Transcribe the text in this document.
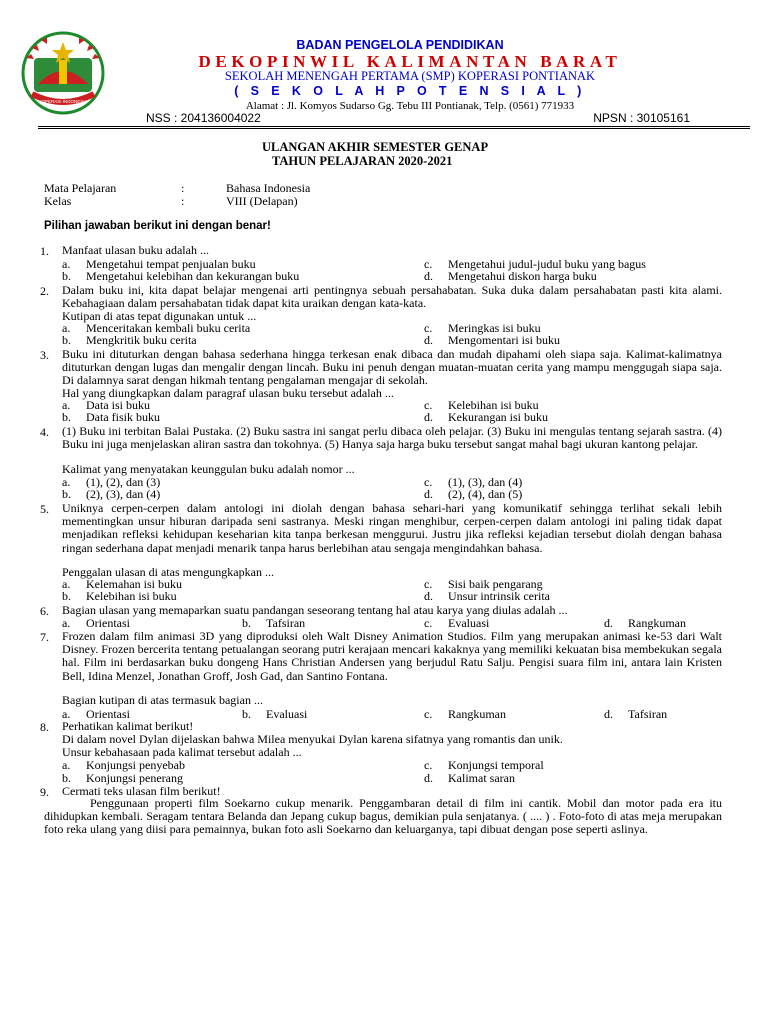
KOPERASI INDONESIA
BADAN PENGELOLA PENDIDIKAN
DEKOPINWIL KALIMANTAN BARAT
SEKOLAH MENENGAH PERTAMA (SMP) KOPERASI PONTIANAK
( S E K O L A H P O T E N S I A L )
Alamat : Jl. Komyos Sudarso Gg. Tebu III Pontianak, Telp. (0561) 771933
NSS : 204136004022	NPSN : 30105161
ULANGAN AKHIR SEMESTER GENAP
TAHUN PELAJARAN 2020-2021
Mata Pelajaran	:	Bahasa Indonesia
Kelas	:	VIII (Delapan)
Pilihan jawaban berikut ini dengan benar!
1. Manfaat ulasan buku adalah ...
a. Mengetahui tempat penjualan buku	c. Mengetahui judul-judul buku yang bagus
b. Mengetahui kelebihan dan kekurangan buku	d. Mengetahui diskon harga buku
2. Dalam buku ini, kita dapat belajar mengenai arti pentingnya sebuah persahabatan. Suka duka dalam persahabatan pasti kita alami. Kebahagiaan dalam persahabatan tidak dapat kita uraikan dengan kata-kata.
Kutipan di atas tepat digunakan untuk ...
a. Menceritakan kembali buku cerita	c. Meringkas isi buku
b. Mengkritik buku cerita	d. Mengomentari isi buku
3. Buku ini dituturkan dengan bahasa sederhana hingga terkesan enak dibaca dan mudah dipahami oleh siapa saja. Kalimat-kalimatnya dituturkan dengan lugas dan mengalir dengan lincah. Buku ini penuh dengan muatan-muatan cerita yang mampu menggugah siapa saja. Di dalamnya sarat dengan hikmah tentang pengalaman mengajar di sekolah.
Hal yang diungkapkan dalam paragraf ulasan buku tersebut adalah ...
a. Data isi buku	c. Kelebihan isi buku
b. Data fisik buku	d. Kekurangan isi buku
4. (1) Buku ini terbitan Balai Pustaka. (2) Buku sastra ini sangat perlu dibaca oleh pelajar. (3) Buku ini mengulas tentang sejarah sastra. (4) Buku ini juga menjelaskan aliran sastra dan tokohnya. (5) Hanya saja harga buku tersebut sangat mahal bagi ukuran kantong pelajar.
Kalimat yang menyatakan keunggulan buku adalah nomor ...
a. (1), (2), dan (3)	c. (1), (3), dan (4)
b. (2), (3), dan (4)	d. (2), (4), dan (5)
5. Uniknya cerpen-cerpen dalam antologi ini diolah dengan bahasa sehari-hari yang komunikatif sehingga terlihat sekali lebih mementingkan unsur hiburan daripada seni sastranya. Meski ringan menghibur, cerpen-cerpen dalam antologi ini paling tidak dapat menjadikan refleksi kehidupan keseharian kita tanpa berkesan menggurui. Justru jika refleksi kejadian tersebut diolah dengan bahasa ringan sederhana dapat menjadi menarik tanpa harus berlebihan atau sengaja mengindahkan bahasa.
Penggalan ulasan di atas mengungkapkan ...
a. Kelemahan isi buku	c. Sisi baik pengarang
b. Kelebihan isi buku	d. Unsur intrinsik cerita
6. Bagian ulasan yang memaparkan suatu pandangan seseorang tentang hal atau karya yang diulas adalah ...
a. Orientasi	b. Tafsiran	c. Evaluasi	d. Rangkuman
7. Frozen dalam film animasi 3D yang diproduksi oleh Walt Disney Animation Studios. Film yang merupakan animasi ke-53 dari Walt Disney. Frozen bercerita tentang petualangan seorang putri kerajaan mencari kakaknya yang memiliki kekuatan bisa membekukan segala hal. Film ini berdasarkan buku dongeng Hans Christian Andersen yang berjudul Ratu Salju. Pengisi suara film ini, antara lain Kristen Bell, Idina Menzel, Jonathan Groff, Josh Gad, dan Santino Fontana.
Bagian kutipan di atas termasuk bagian ...
a. Orientasi	b. Evaluasi	c. Rangkuman	d. Tafsiran
8. Perhatikan kalimat berikut!
Di dalam novel Dylan dijelaskan bahwa Milea menyukai Dylan karena sifatnya yang romantis dan unik.
Unsur kebahasaan pada kalimat tersebut adalah ...
a. Konjungsi penyebab	c. Konjungsi temporal
b. Konjungsi penerang	d. Kalimat saran
9. Cermati teks ulasan film berikut!
Penggunaan properti film Soekarno cukup menarik. Penggambaran detail di film ini cantik. Mobil dan motor pada era itu dihidupkan kembali. Seragam tentara Belanda dan Jepang cukup bagus, demikian pula senjatanya. ( .... ) . Foto-foto di atas meja merupakan foto reka ulang yang diisi para pemainnya, bukan foto asli Soekarno dan keluarganya, tapi dibuat dengan pose seperti aslinya.
